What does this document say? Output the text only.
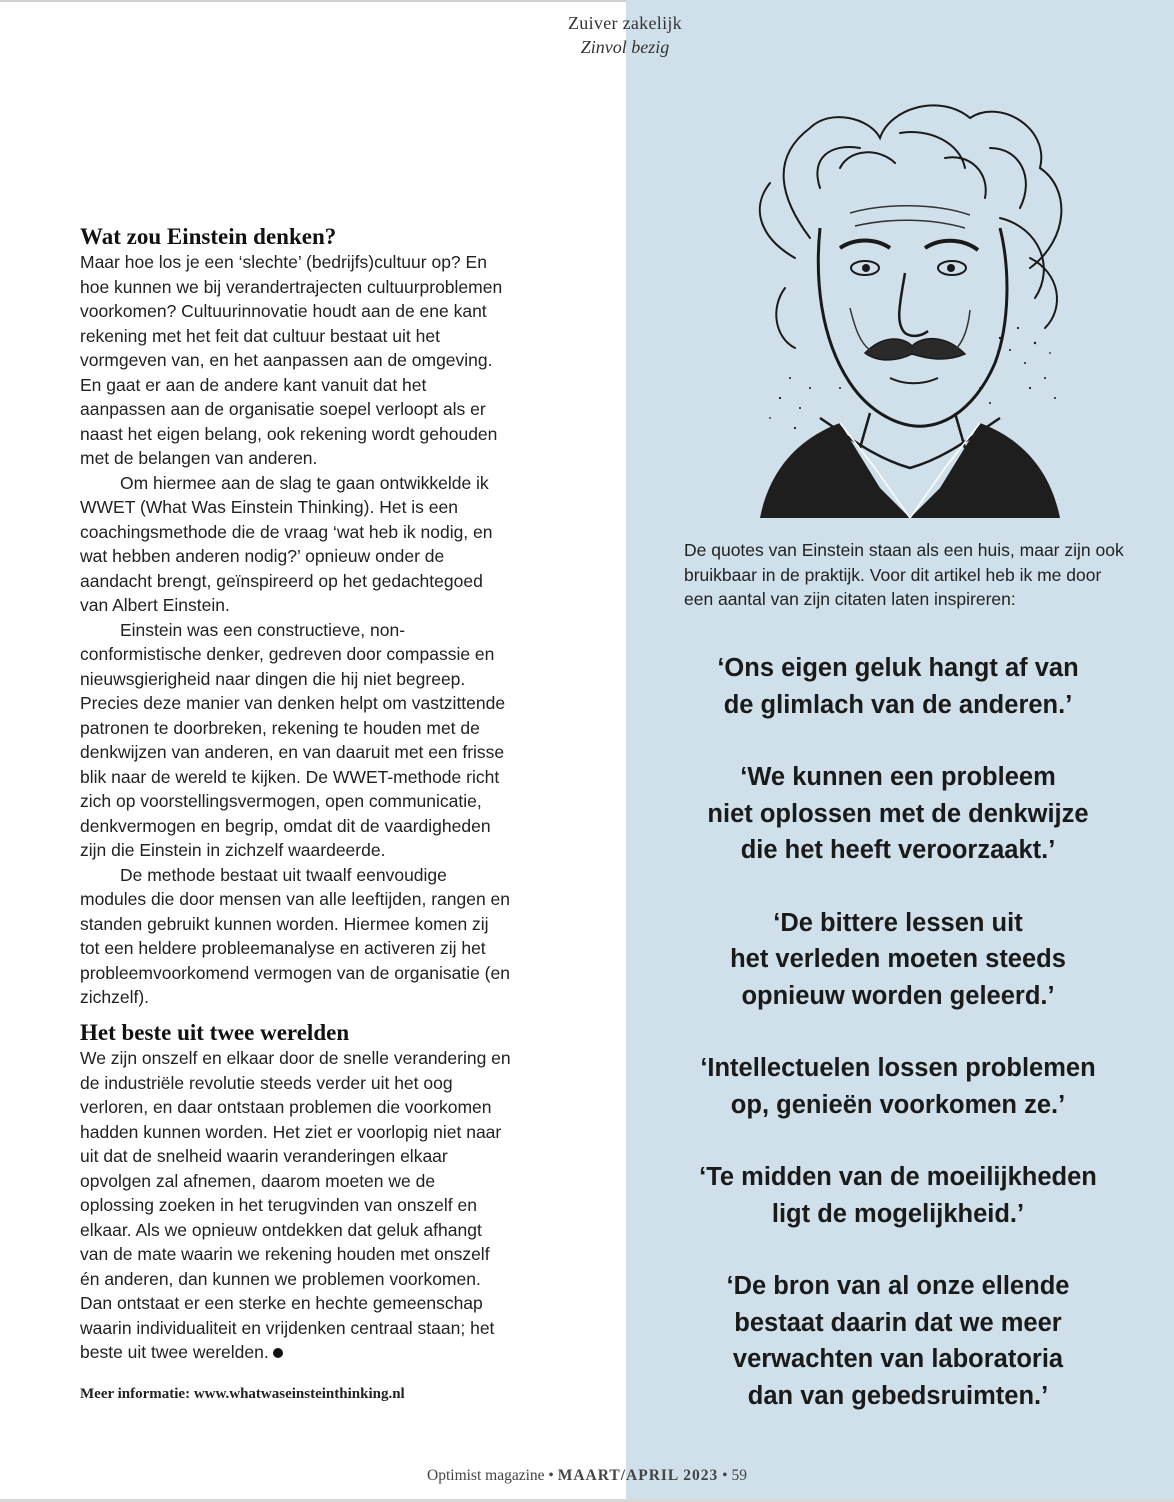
Zuiver zakelijk
Zinvol bezig
Wat zou Einstein denken?

Maar hoe los je een ‘slechte’ (bedrijfs)cultuur op? En hoe kunnen we bij verandertrajecten cultuurproblemen voorkomen? Cultuurinnovatie houdt aan de ene kant rekening met het feit dat cultuur bestaat uit het vormgeven van, en het aanpassen aan de omgeving. En gaat er aan de andere kant vanuit dat het aanpassen aan de organisatie soepel verloopt als er naast het eigen belang, ook rekening wordt gehouden met de belangen van anderen.

Om hiermee aan de slag te gaan ontwikkelde ik WWET (What Was Einstein Thinking). Het is een coachingsmethode die de vraag ‘wat heb ik nodig, en wat hebben anderen nodig?’ opnieuw onder de aandacht brengt, geïnspireerd op het gedachtegoed van Albert Einstein.

Einstein was een constructieve, non-conformistische denker, gedreven door compassie en nieuwsgierigheid naar dingen die hij niet begreep. Precies deze manier van denken helpt om vastzittende patronen te doorbreken, rekening te houden met de denkwijzen van anderen, en van daaruit met een frisse blik naar de wereld te kijken. De WWET-methode richt zich op voorstellingsvermogen, open communicatie, denkvermogen en begrip, omdat dit de vaardigheden zijn die Einstein in zichzelf waardeerde.

De methode bestaat uit twaalf eenvoudige modules die door mensen van alle leeftijden, rangen en standen gebruikt kunnen worden. Hiermee komen zij tot een heldere probleemanalyse en activeren zij het probleemvoorkomend vermogen van de organisatie (en zichzelf).

Het beste uit twee werelden

We zijn onszelf en elkaar door de snelle verandering en de industriële revolutie steeds verder uit het oog verloren, en daar ontstaan problemen die voorkomen hadden kunnen worden. Het ziet er voorlopig niet naar uit dat de snelheid waarin veranderingen elkaar opvolgen zal afnemen, daarom moeten we de oplossing zoeken in het terugvinden van onszelf en elkaar. Als we opnieuw ontdekken dat geluk afhangt van de mate waarin we rekening houden met onszelf én anderen, dan kunnen we problemen voorkomen. Dan ontstaat er een sterke en hechte gemeenschap waarin individualiteit en vrijdenken centraal staan; het beste uit twee werelden.

Meer informatie: www.whatwaseinsteinthinking.nl
De quotes van Einstein staan als een huis, maar zijn ook bruikbaar in de praktijk. Voor dit artikel heb ik me door een aantal van zijn citaten laten inspireren:

‘Ons eigen geluk hangt af van
de glimlach van de anderen.’

‘We kunnen een probleem
niet oplossen met de denkwijze
die het heeft veroorzaakt.’

‘De bittere lessen uit
het verleden moeten steeds
opnieuw worden geleerd.’

‘Intellectuelen lossen problemen
op, genieën voorkomen ze.’

‘Te midden van de moeilijkheden
ligt de mogelijkheid.’

‘De bron van al onze ellende
bestaat daarin dat we meer
verwachten van laboratoria
dan van gebedsruimten.’

Optimist magazine • MAART/APRIL 2023 • 59
